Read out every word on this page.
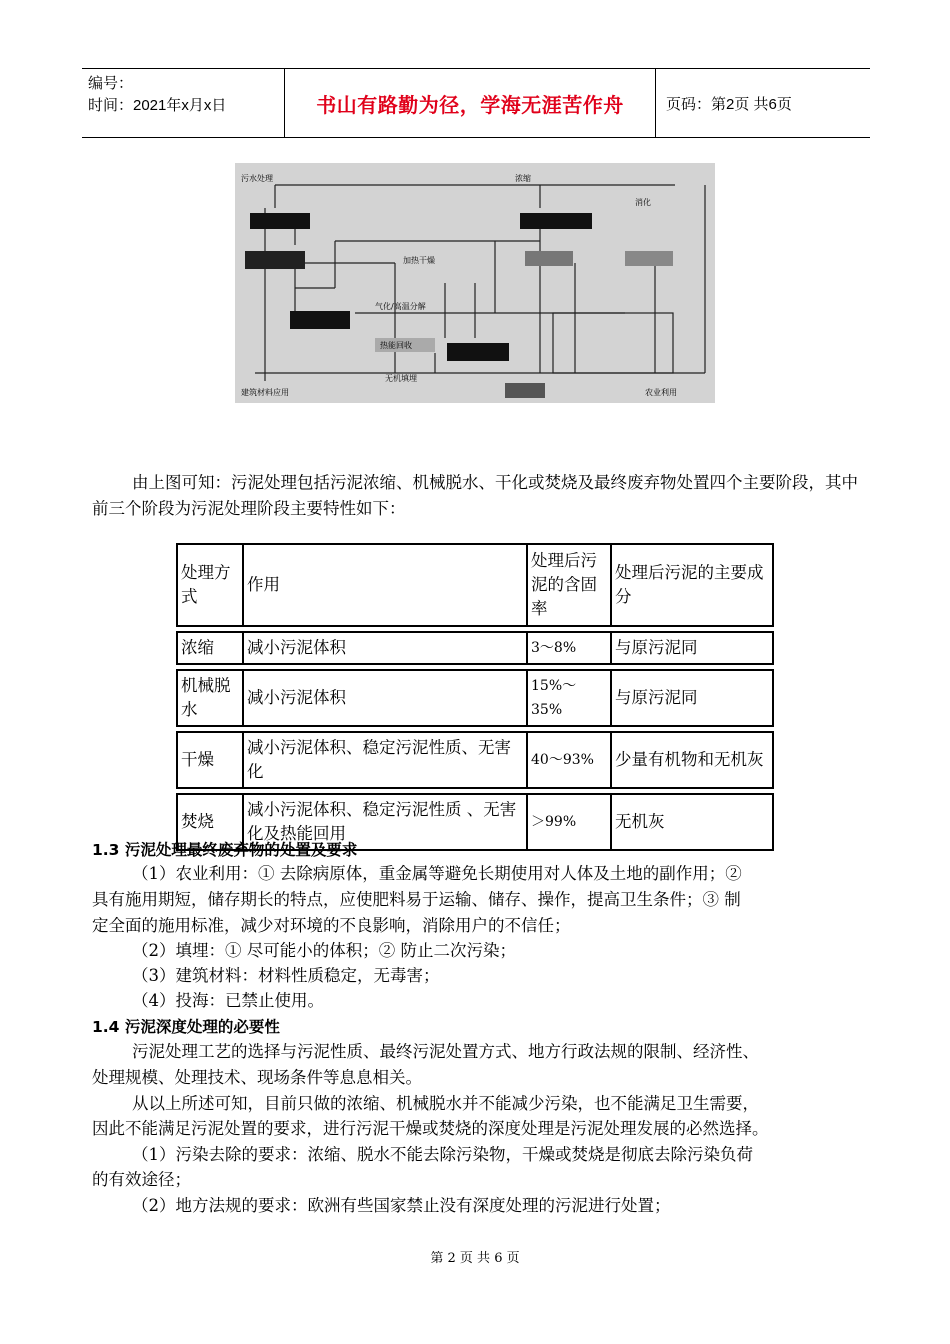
编号：
时间：2021年x月x日	书山有路勤为径，学海无涯苦作舟	页码：第2页 共6页
污水处理	浓缩
消化
加热干燥
气化/高温分解
热能回收
无机填埋
建筑材料应用	农业利用
由上图可知：污泥处理包括污泥浓缩、机械脱水、干化或焚烧及最终废弃物处置四个主要阶段，其中前三个阶段为污泥处理阶段主要特性如下：
处理方式	作用	处理后污泥的含固率	处理后污泥的主要成分

浓缩	减小污泥体积	3～8%	与原污泥同

机械脱水	减小污泥体积	15%～35%	与原污泥同

干燥	减小污泥体积、稳定污泥性质、无害化	40～93%	少量有机物和无机灰

焚烧	减小污泥体积、稳定污泥性质 、无害化及热能回用	＞99%	无机灰
1.3 污泥处理最终废弃物的处置及要求
（1）农业利用：① 去除病原体，重金属等避免长期使用对人体及土地的副作用；②
具有施用期短，储存期长的特点，应使肥料易于运输、储存、操作，提高卫生条件；③ 制
定全面的施用标准，减少对环境的不良影响，消除用户的不信任；
（2）填埋：① 尽可能小的体积；② 防止二次污染；
（3）建筑材料：材料性质稳定，无毒害；
（4）投海：已禁止使用。
1.4 污泥深度处理的必要性
污泥处理工艺的选择与污泥性质、最终污泥处置方式、地方行政法规的限制、经济性、
处理规模、处理技术、现场条件等息息相关。
从以上所述可知，目前只做的浓缩、机械脱水并不能减少污染，也不能满足卫生需要，
因此不能满足污泥处置的要求，进行污泥干燥或焚烧的深度处理是污泥处理发展的必然选择。
（1）污染去除的要求：浓缩、脱水不能去除污染物，干燥或焚烧是彻底去除污染负荷
的有效途径；
（2）地方法规的要求：欧洲有些国家禁止没有深度处理的污泥进行处置；
第 2 页 共 6 页
